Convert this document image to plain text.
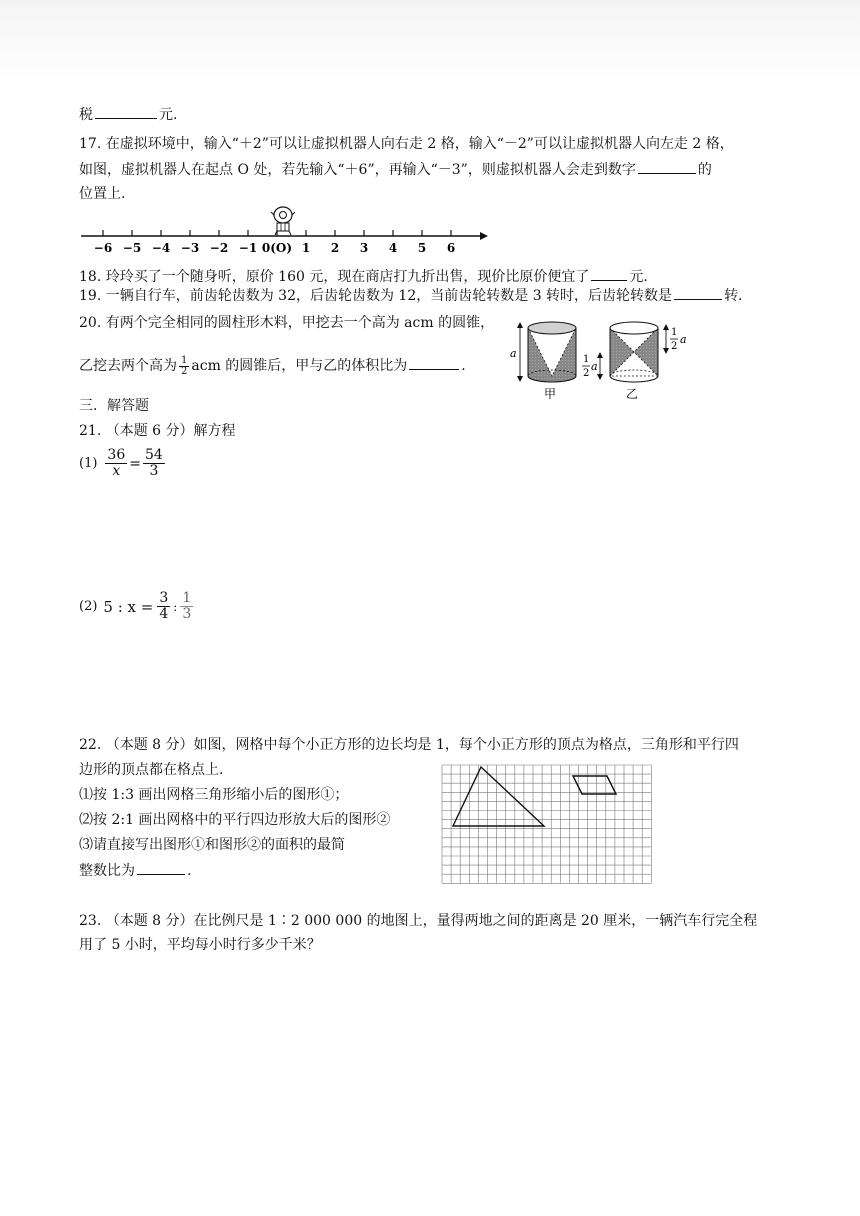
税	元.
17. 在虚拟环境中，输入“＋2”可以让虚拟机器人向右走 2 格，输入“－2”可以让虚拟机器人向左走 2 格，
如图，虚拟机器人在起点 O 处，若先输入“＋6”，再输入“－3”，则虚拟机器人会走到数字	的
位置上.
−6 −5 −4 −3 −2 −1 0(O) 1 2 3 4 5 6
18. 玲玲买了一个随身听，原价 160 元，现在商店打九折出售，现价比原价便宜了	元.
19. 一辆自行车，前齿轮齿数为 32，后齿轮齿数为 12，当前齿轮转数是 3 转时，后齿轮转数是	转.
20. 有两个完全相同的圆柱形木料，甲挖去一个高为 acm 的圆锥，
乙挖去两个高为 $\frac{1}{2}$ acm 的圆锥后，甲与乙的体积比为	.
a
甲
1
2
a
1
2
a
乙
三．解答题
21. （本题 6 分）解方程
$(1) \frac{36}{x} = \frac{54}{3}$
(2) 5 : $x = \frac{3}{4}$ : $\frac{1}{3}$
22. （本题 8 分）如图，网格中每个小正方形的边长均是 1，每个小正方形的顶点为格点，三角形和平行四
边形的顶点都在格点上.
⑴按 1:3 画出网格三角形缩小后的图形①；
⑵按 2:1 画出网格中的平行四边形放大后的图形②
⑶请直接写出图形①和图形②的面积的最简
整数比为	.
23. （本题 8 分）在比例尺是 1∶2 000 000 的地图上，量得两地之间的距离是 20 厘米，一辆汽车行完全程
用了 5 小时，平均每小时行多少千米？
